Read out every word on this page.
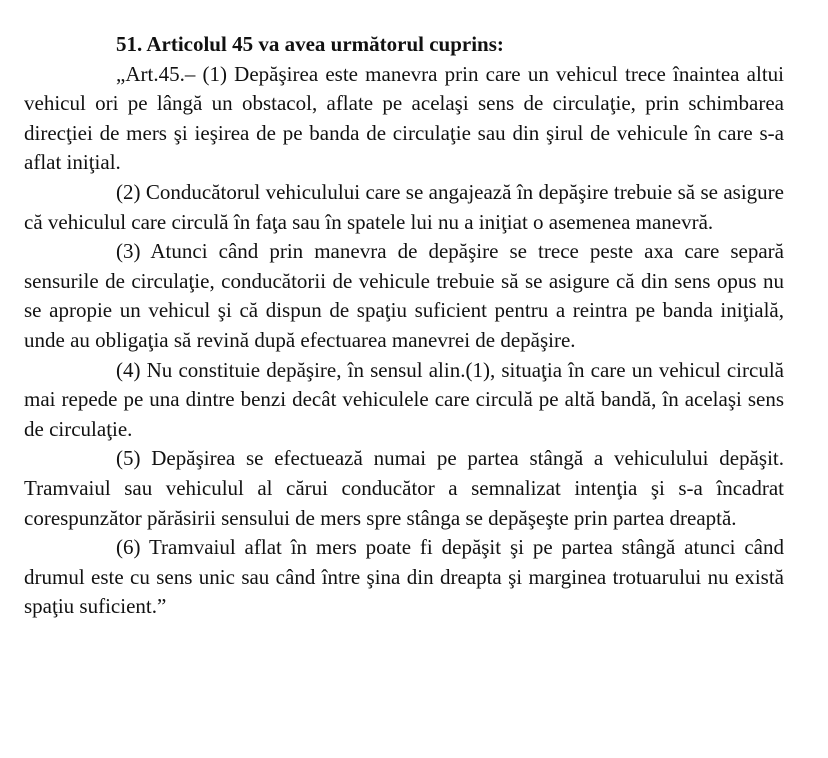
51. Articolul 45 va avea următorul cuprins:

„Art.45.– (1) Depăşirea este manevra prin care un vehicul trece înaintea altui vehicul ori pe lângă un obstacol, aflate pe acelaşi sens de circulaţie, prin schimbarea direcţiei de mers şi ieşirea de pe banda de circulaţie sau din şirul de vehicule în care s-a aflat iniţial.

(2) Conducătorul vehiculului care se angajează în depăşire trebuie să se asigure că vehiculul care circulă în faţa sau în spatele lui nu a iniţiat o asemenea manevră.

(3) Atunci când prin manevra de depăşire se trece peste axa care separă sensurile de circulaţie, conducătorii de vehicule trebuie să se asigure că din sens opus nu se apropie un vehicul şi că dispun de spaţiu suficient pentru a reintra pe banda iniţială, unde au obligaţia să revină după efectuarea manevrei de depăşire.

(4) Nu constituie depăşire, în sensul alin.(1), situaţia în care un vehicul circulă mai repede pe una dintre benzi decât vehiculele care circulă pe altă bandă, în acelaşi sens de circulaţie.

(5) Depăşirea se efectuează numai pe partea stângă a vehiculului depăşit. Tramvaiul sau vehiculul al cărui conducător a semnalizat intenţia şi s-a încadrat corespunzător părăsirii sensului de mers spre stânga se depăşeşte prin partea dreaptă.

(6) Tramvaiul aflat în mers poate fi depăşit şi pe partea stângă atunci când drumul este cu sens unic sau când între şina din dreapta şi marginea trotuarului nu există spaţiu suficient.”
